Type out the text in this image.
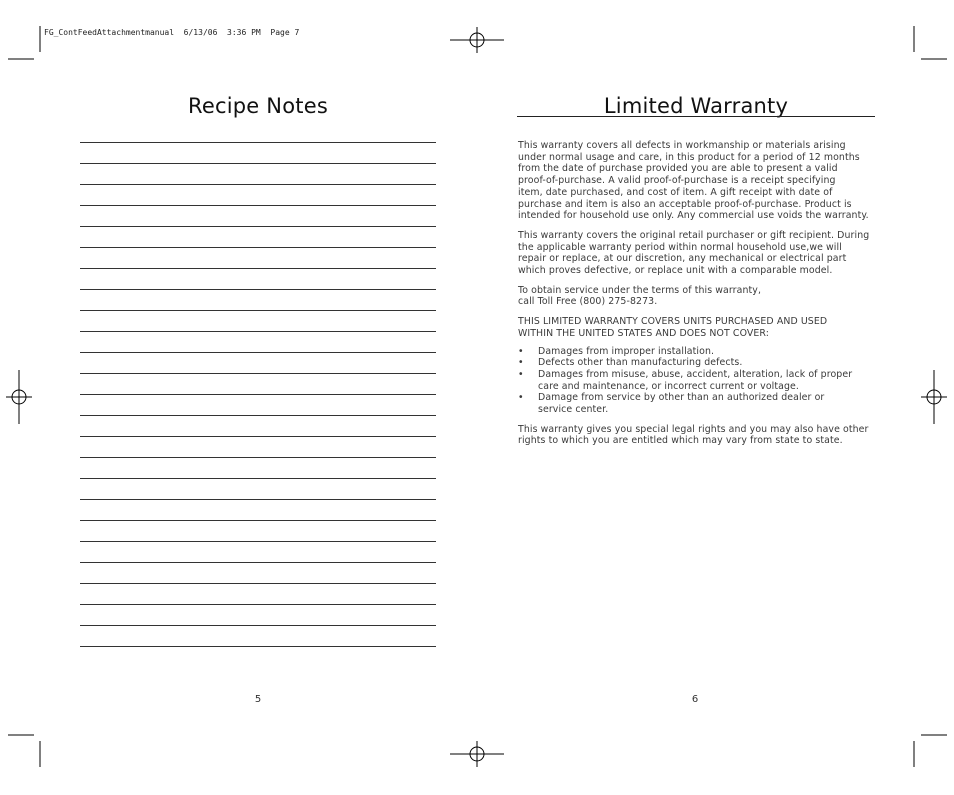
FG_ContFeedAttachmentmanual  6/13/06  3:36 PM  Page 7
Recipe Notes
5
Limited Warranty

This warranty covers all defects in workmanship or materials arising
under normal usage and care, in this product for a period of 12 months
from the date of purchase provided you are able to present a valid
proof-of-purchase. A valid proof-of-purchase is a receipt specifying
item, date purchased, and cost of item. A gift receipt with date of
purchase and item is also an acceptable proof-of-purchase. Product is
intended for household use only. Any commercial use voids the warranty.

This warranty covers the original retail purchaser or gift recipient. During
the applicable warranty period within normal household use,we will
repair or replace, at our discretion, any mechanical or electrical part
which proves defective, or replace unit with a comparable model.

To obtain service under the terms of this warranty,
call Toll Free (800) 275-8273.

THIS LIMITED WARRANTY COVERS UNITS PURCHASED AND USED
WITHIN THE UNITED STATES AND DOES NOT COVER:

• Damages from improper installation.
• Defects other than manufacturing defects.
• Damages from misuse, abuse, accident, alteration, lack of proper
care and maintenance, or incorrect current or voltage.
• Damage from service by other than an authorized dealer or
service center.

This warranty gives you special legal rights and you may also have other
rights to which you are entitled which may vary from state to state.

6
